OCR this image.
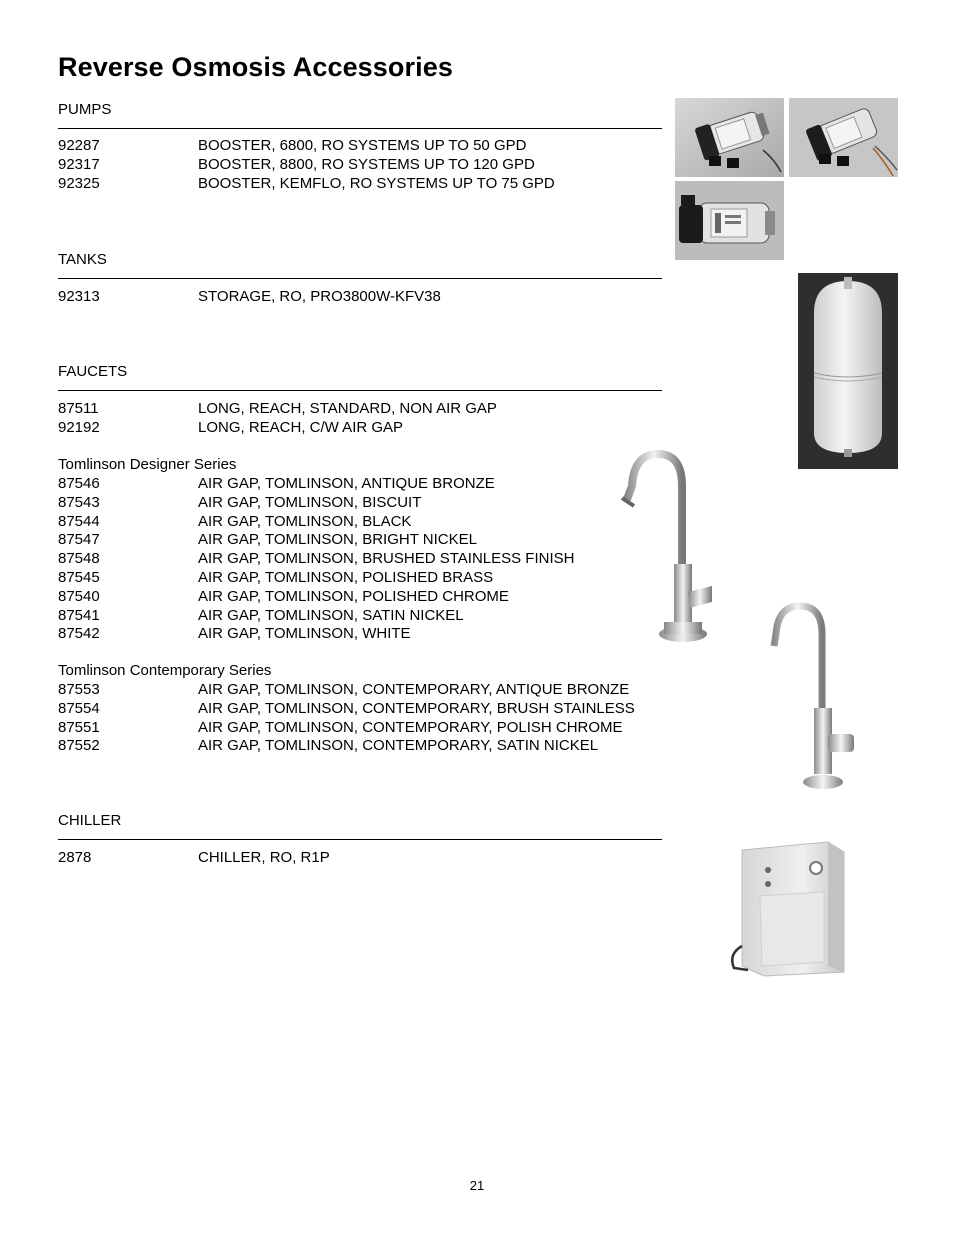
Reverse Osmosis Accessories
PUMPS
92287	BOOSTER, 6800, RO SYSTEMS UP TO 50 GPD
92317	BOOSTER, 8800, RO SYSTEMS UP TO 120 GPD
92325	BOOSTER, KEMFLO, RO SYSTEMS UP TO 75 GPD
TANKS
92313	STORAGE, RO, PRO3800W-KFV38
FAUCETS
87511	LONG, REACH, STANDARD, NON AIR GAP
92192	LONG, REACH, C/W AIR GAP
Tomlinson Designer Series
87546	AIR GAP, TOMLINSON, ANTIQUE BRONZE
87543	AIR GAP, TOMLINSON, BISCUIT
87544	AIR GAP, TOMLINSON, BLACK
87547	AIR GAP, TOMLINSON, BRIGHT NICKEL
87548	AIR GAP, TOMLINSON, BRUSHED STAINLESS FINISH
87545	AIR GAP, TOMLINSON, POLISHED BRASS
87540	AIR GAP, TOMLINSON, POLISHED CHROME
87541	AIR GAP, TOMLINSON, SATIN NICKEL
87542	AIR GAP, TOMLINSON, WHITE
Tomlinson Contemporary Series
87553	AIR GAP, TOMLINSON, CONTEMPORARY, ANTIQUE BRONZE
87554	AIR GAP, TOMLINSON, CONTEMPORARY, BRUSH STAINLESS
87551	AIR GAP, TOMLINSON, CONTEMPORARY, POLISH CHROME
87552	AIR GAP, TOMLINSON, CONTEMPORARY, SATIN NICKEL
CHILLER
2878	CHILLER, RO, R1P
21
